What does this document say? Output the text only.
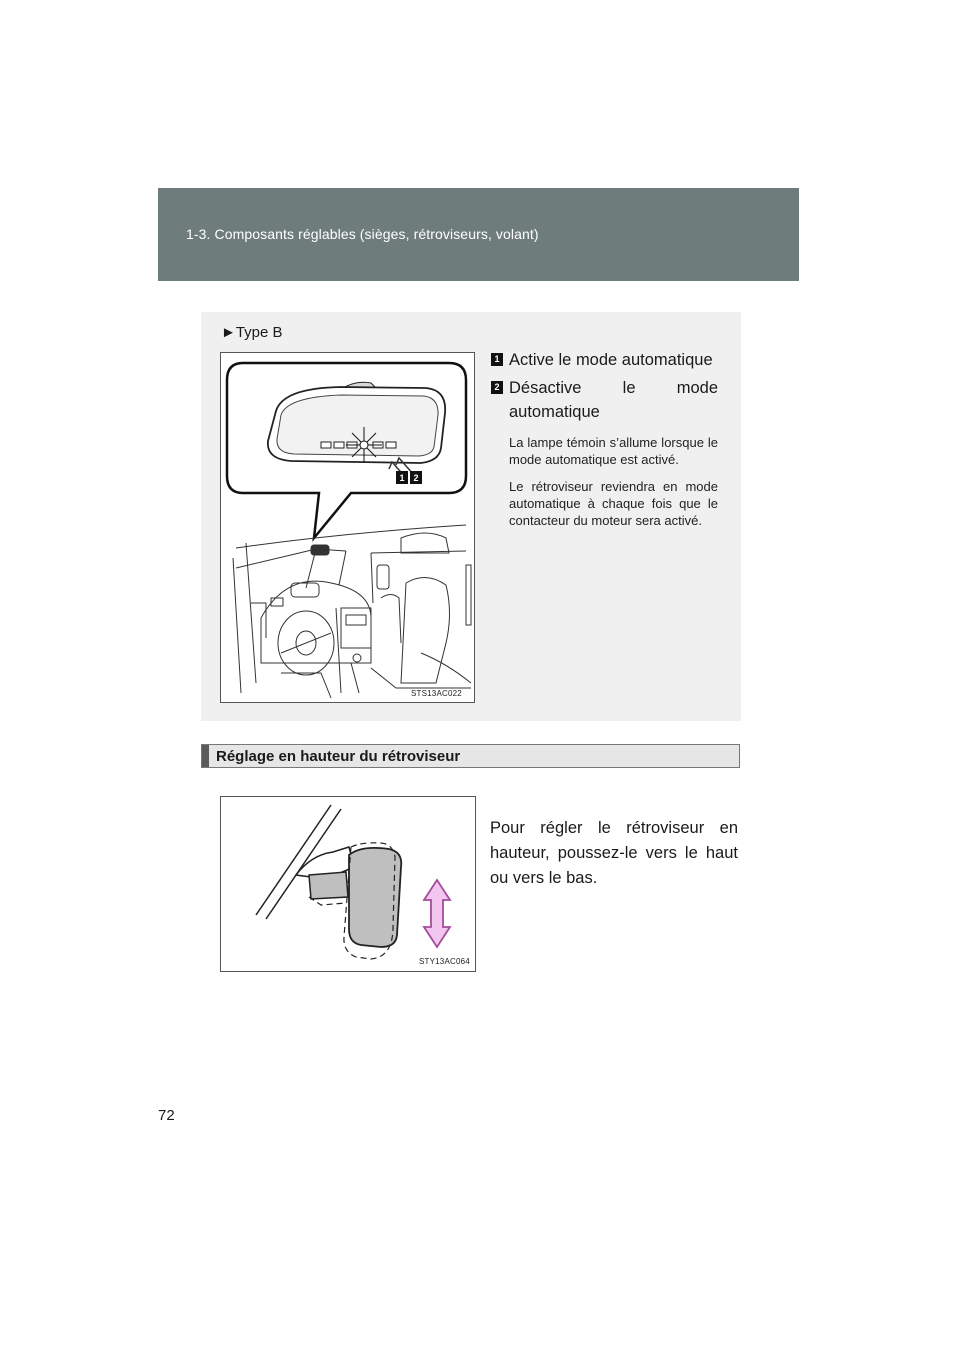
1-3. Composants réglables (sièges, rétroviseurs, volant)
►Type B
1 2
STS13AC022
1 Active le mode automatique
2 Désactive le mode automatique
La lampe témoin s’allume lorsque le mode automatique est activé.
Le rétroviseur reviendra en mode automatique à chaque fois que le contacteur du moteur sera activé.
Réglage en hauteur du rétroviseur
STY13AC064
Pour régler le rétroviseur en hauteur, poussez-le vers le haut ou vers le bas.
72
